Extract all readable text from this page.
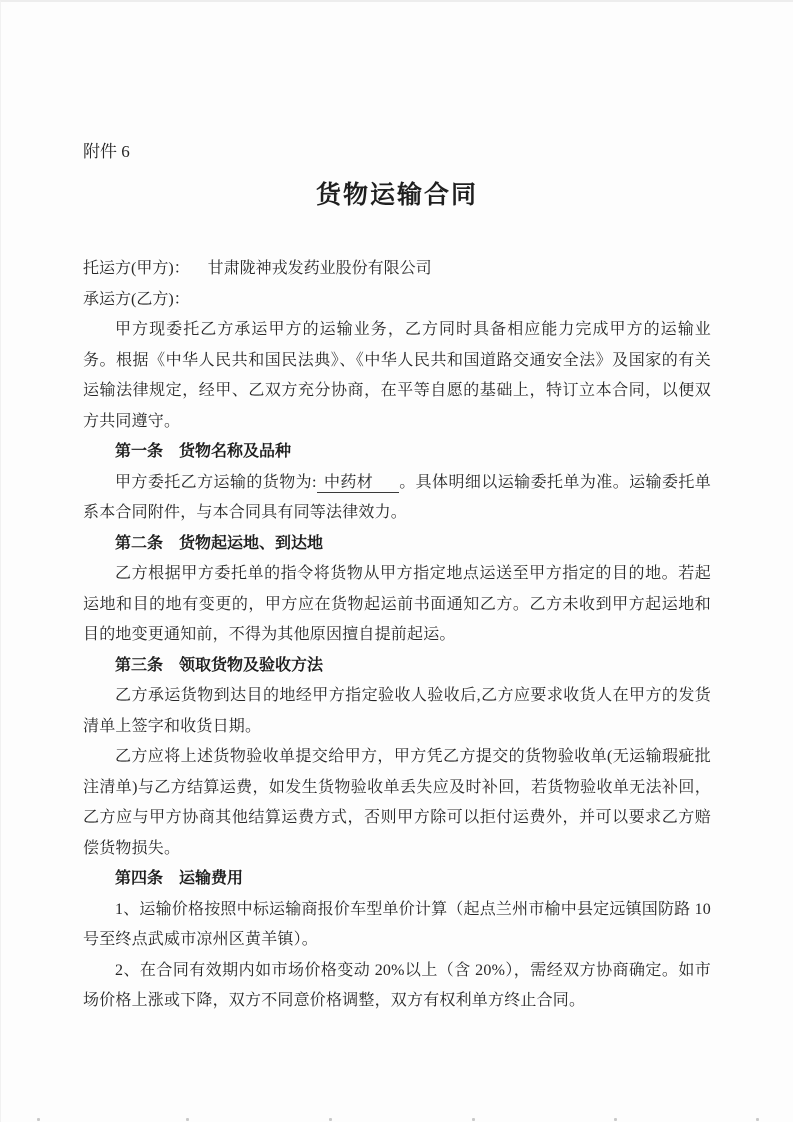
附件 6
货物运输合同
托运方(甲方)： 甘肃陇神戎发药业股份有限公司
承运方(乙方)：

甲方现委托乙方承运甲方的运输业务，乙方同时具备相应能力完成甲方的运输业务。根据《中华人民共和国民法典》、《中华人民共和国道路交通安全法》及国家的有关运输法律规定，经甲、乙双方充分协商，在平等自愿的基础上，特订立本合同，以便双方共同遵守。

第一条　货物名称及品种

甲方委托乙方运输的货物为: 中药材 。具体明细以运输委托单为准。运输委托单系本合同附件，与本合同具有同等法律效力。

第二条　货物起运地、到达地

乙方根据甲方委托单的指令将货物从甲方指定地点运送至甲方指定的目的地。若起运地和目的地有变更的，甲方应在货物起运前书面通知乙方。乙方未收到甲方起运地和目的地变更通知前，不得为其他原因擅自提前起运。

第三条　领取货物及验收方法

乙方承运货物到达目的地经甲方指定验收人验收后,乙方应要求收货人在甲方的发货清单上签字和收货日期。

乙方应将上述货物验收单提交给甲方，甲方凭乙方提交的货物验收单(无运输瑕疵批注清单)与乙方结算运费，如发生货物验收单丢失应及时补回，若货物验收单无法补回，乙方应与甲方协商其他结算运费方式，否则甲方除可以拒付运费外，并可以要求乙方赔偿货物损失。

第四条　运输费用

1、运输价格按照中标运输商报价车型单价计算（起点兰州市榆中县定远镇国防路 10 号至终点武威市凉州区黄羊镇）。

2、在合同有效期内如市场价格变动 20%以上（含 20%），需经双方协商确定。如市场价格上涨或下降，双方不同意价格调整，双方有权利单方终止合同。
